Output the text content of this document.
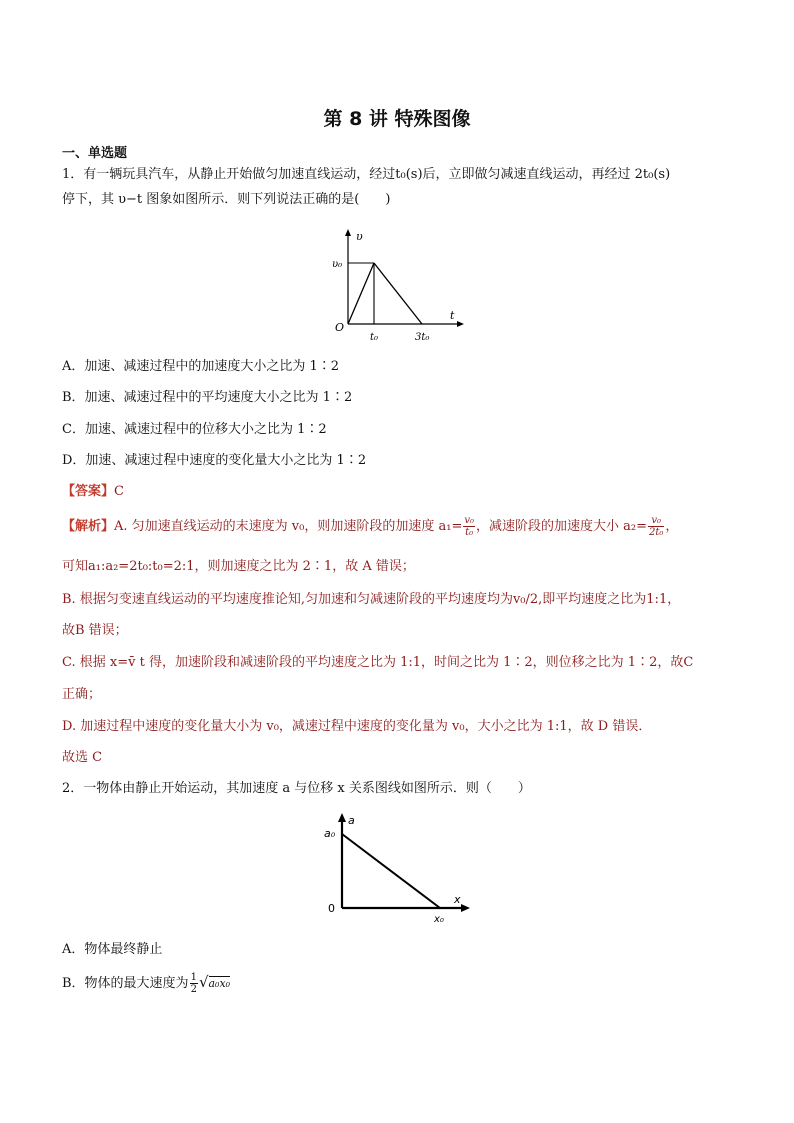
第 8 讲 特殊图像
一、单选题
1．有一辆玩具汽车，从静止开始做匀加速直线运动，经过t₀(s)后，立即做匀减速直线运动，再经过 2t₀(s)
停下，其 υ−t 图象如图所示．则下列说法正确的是(　　)
υ
υ₀
O
t₀	3t₀
t
A．加速、减速过程中的加速度大小之比为 1∶2
B．加速、减速过程中的平均速度大小之比为 1∶2
C．加速、减速过程中的位移大小之比为 1∶2
D．加速、减速过程中速度的变化量大小之比为 1∶2
【答案】C
【解析】A. 匀加速直线运动的末速度为 v₀，则加速阶段的加速度 $a_1= \frac{\text{v₀}}{\text{t₀}}$ ，减速阶段的加速度大小 $a_2= \frac{\text{v₀}}{\text{2t₀}}$ ，
可知a₁:a₂=2t₀:t₀=2:1，则加速度之比为 2∶1，故 A 错误；
B. 根据匀变速直线运动的平均速度推论知,匀加速和匀减速阶段的平均速度均为v₀/2,即平均速度之比为1:1，
故B 错误；
C. 根据 x=v̄ t 得，加速阶段和减速阶段的平均速度之比为 1:1，时间之比为 1∶2，则位移之比为 1∶2，故C
正确；
D. 加速过程中速度的变化量大小为 v₀，减速过程中速度的变化量为 v₀，大小之比为 1:1，故 D 错误．
故选 C
2．一物体由静止开始运动，其加速度 a 与位移 x 关系图线如图所示．则（　　）
a
a₀
0
x₀
x
A．物体最终静止
B．物体的最大速度为 $\frac{1}{2} √a_0x_0$
